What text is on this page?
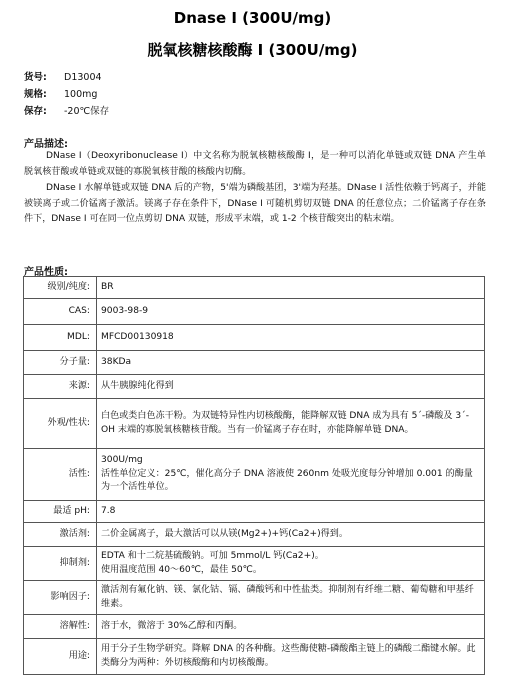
Dnase I (300U/mg)
脱氧核糖核酸酶 I (300U/mg)
货号: D13004
规格: 100mg
保存: -20℃保存
产品描述:
DNase I（Deoxyribonuclease I）中文名称为脱氧核糖核酸酶 I，是一种可以消化单链或双链 DNA 产生单脱氧核苷酸或单链或双链的寡脱氧核苷酸的核酸内切酶。
DNase I 水解单链或双链 DNA 后的产物，5'端为磷酸基团，3'端为羟基。DNase I 活性依赖于钙离子，并能被镁离子或二价锰离子激活。镁离子存在条件下，DNase I 可随机剪切双链 DNA 的任意位点；二价锰离子存在条件下，DNase I 可在同一位点剪切 DNA 双链，形成平末端，或 1-2 个核苷酸突出的粘末端。
产品性质:
级别/纯度:	BR
CAS:	9003-98-9
MDL:	MFCD00130918
分子量:	38KDa
来源:	从牛胰腺纯化得到
外观/性状:	白色或类白色冻干粉。为双链特异性内切核酸酶，能降解双链 DNA 成为具有 5´-磷酸及 3´-OH 末端的寡脱氧核糖核苷酸。当有一价锰离子存在时，亦能降解单链 DNA。
活性:	300U/mg
活性单位定义：25℃，催化高分子 DNA 溶液使 260nm 处吸光度每分钟增加 0.001 的酶量为一个活性单位。
最适 pH:	7.8
激活剂:	二价金属离子，最大激活可以从镁(Mg2+)+钙(Ca2+)得到。
抑制剂:	EDTA 和十二烷基硫酸钠。可加 5mmol/L 钙(Ca2+)。
使用温度范围 40～60℃，最佳 50℃。
影响因子:	激活剂有氟化钠、镁、氯化钴、镉、磷酸钙和中性盐类。抑制剂有纤维二糖、葡萄糖和甲基纤维素。
溶解性:	溶于水，微溶于 30%乙醇和丙酮。
用途:	用于分子生物学研究。降解 DNA 的各种酶。这些酶使糖-磷酸酯主链上的磷酸二酯键水解。此类酶分为两种：外切核酸酶和内切核酸酶。
